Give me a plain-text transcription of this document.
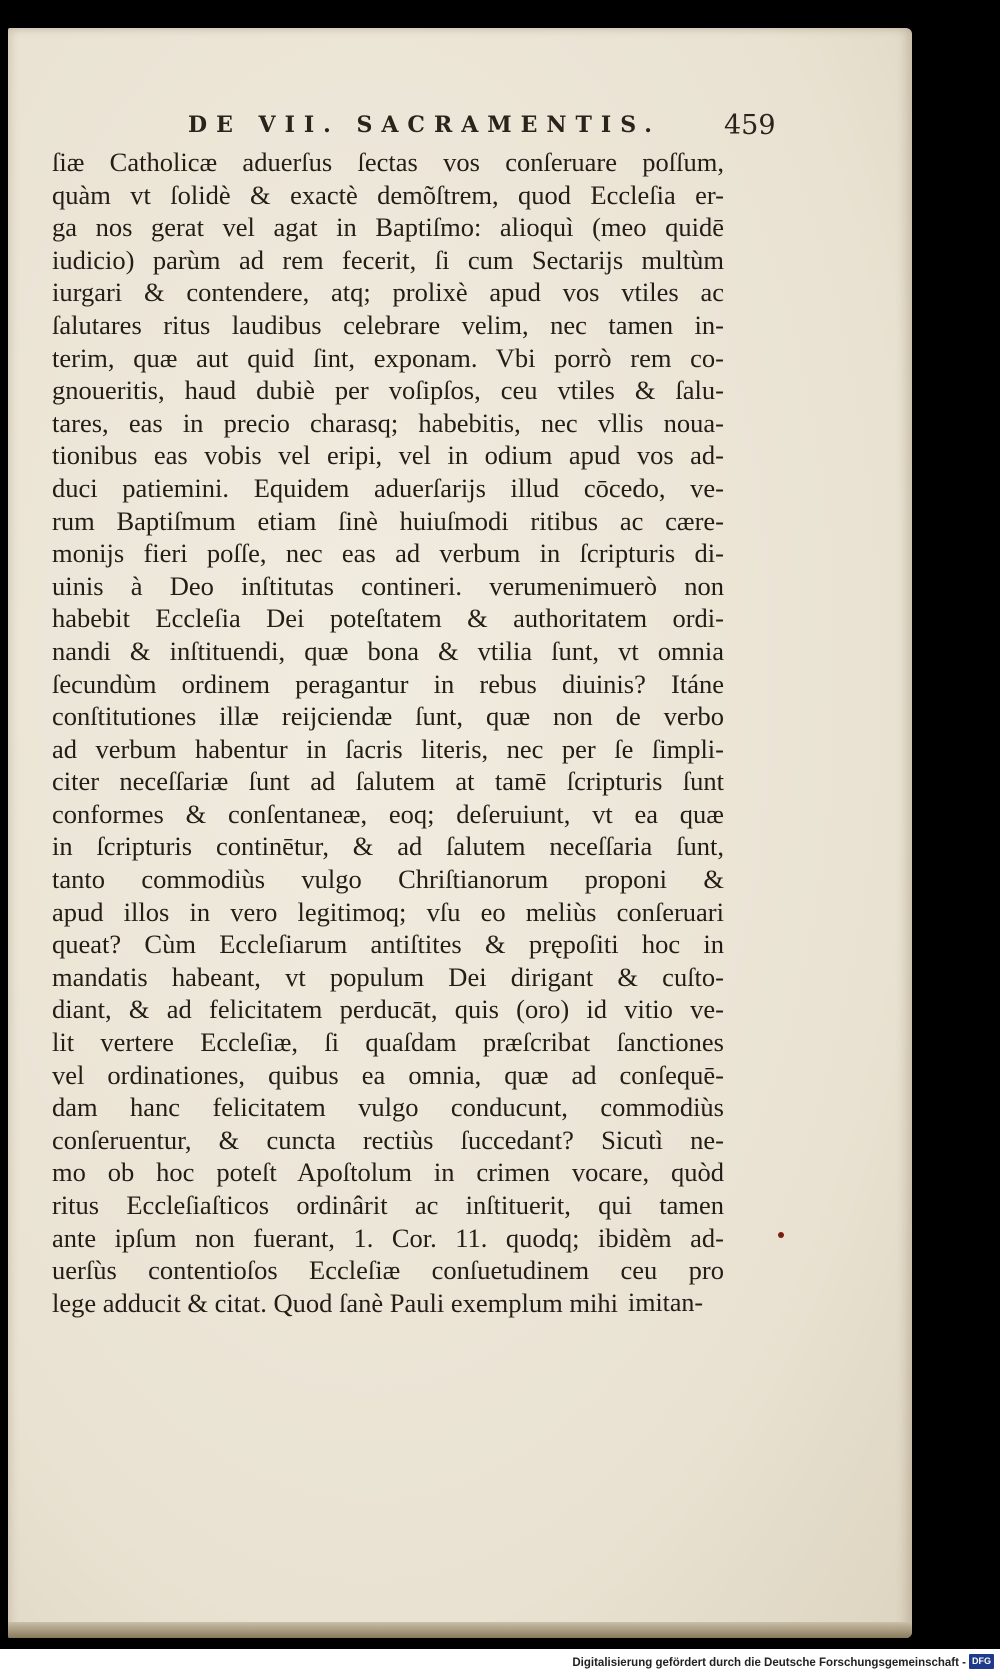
DE VII. SACRAMENTIS.	459
ſiæ Catholicæ aduerſus ſectas vos conſeruare poſſum,
quàm vt ſolidè & exactè demõſtrem, quod Eccleſia er-
ga nos gerat vel agat in Baptiſmo: alioquì (meo quidē
iudicio) parùm ad rem fecerit, ſi cum Sectarijs multùm
iurgari & contendere, atq; prolixè apud vos vtiles ac
ſalutares ritus laudibus celebrare velim, nec tamen in-
terim, quæ aut quid ſint, exponam. Vbi porrò rem co-
gnoueritis, haud dubiè per voſipſos, ceu vtiles & ſalu-
tares, eas in precio charasq; habebitis, nec vllis noua-
tionibus eas vobis vel eripi, vel in odium apud vos ad-
duci patiemini. Equidem aduerſarijs illud cōcedo, ve-
rum Baptiſmum etiam ſinè huiuſmodi ritibus ac cære-
monijs fieri poſſe, nec eas ad verbum in ſcripturis di-
uinis à Deo inſtitutas contineri. verumenimuerò non
habebit Eccleſia Dei poteſtatem & authoritatem ordi-
nandi & inſtituendi, quæ bona & vtilia ſunt, vt omnia
ſecundùm ordinem peragantur in rebus diuinis? Itáne
conſtitutiones illæ reijciendæ ſunt, quæ non de verbo
ad verbum habentur in ſacris literis, nec per ſe ſimpli-
citer neceſſariæ ſunt ad ſalutem at tamē ſcripturis ſunt
conformes & conſentaneæ, eoq; deſeruiunt, vt ea quæ
in ſcripturis continētur, & ad ſalutem neceſſaria ſunt,
tanto commodiùs vulgo Chriſtianorum proponi &
apud illos in vero legitimoq; vſu eo meliùs conſeruari
queat? Cùm Eccleſiarum antiſtites & prępoſiti hoc in
mandatis habeant, vt populum Dei dirigant & cuſto-
diant, & ad felicitatem perducāt, quis (oro) id vitio ve-
lit vertere Eccleſiæ, ſi quaſdam præſcribat ſanctiones
vel ordinationes, quibus ea omnia, quæ ad conſequē-
dam hanc felicitatem vulgo conducunt, commodiùs
conſeruentur, & cuncta rectiùs ſuccedant? Sicutì ne-
mo ob hoc poteſt Apoſtolum in crimen vocare, quòd
ritus Eccleſiaſticos ordinârit ac inſtituerit, qui tamen
ante ipſum non fuerant, 1. Cor. 11. quodq; ibidèm ad-
uerſùs contentioſos Eccleſiæ conſuetudinem ceu pro
lege adducit & citat. Quod ſanè Pauli exemplum mihi imitan-
Digitalisierung gefördert durch die Deutsche Forschungsgemeinschaft - DFG
